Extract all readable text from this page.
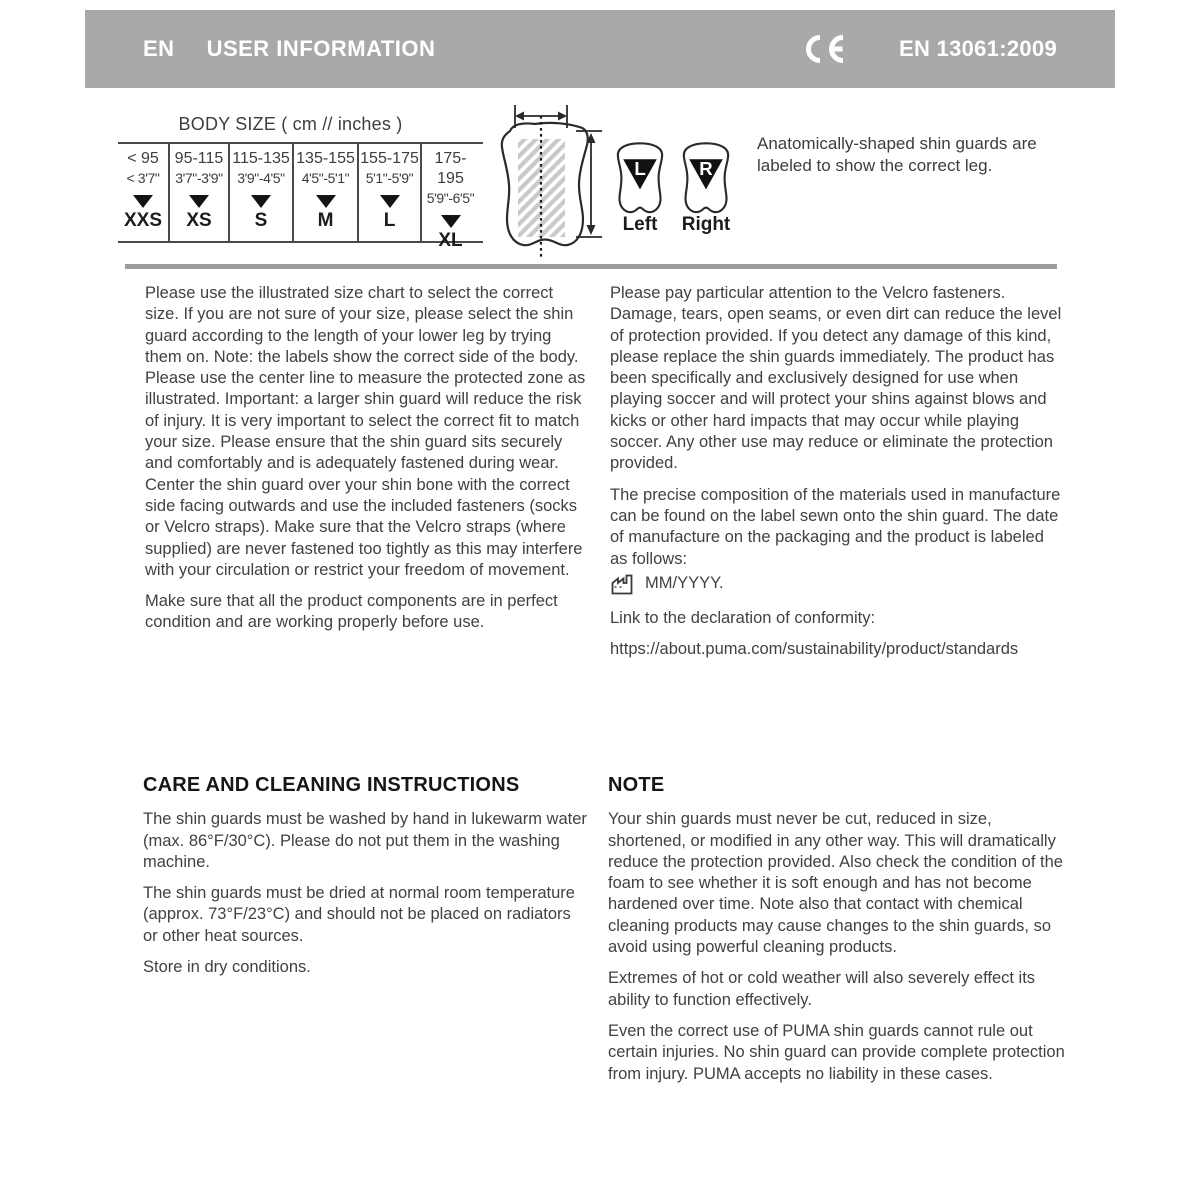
EN USER INFORMATION	EN 13061:2009
BODY SIZE ( cm // inches )
< 95
< 3'7"
XXS
95-115
3'7"-3'9"
XS
115-135
3'9"-4'5"
S
135-155
4'5"-5'1"
M
155-175
5'1"-5'9"
L
175-195
5'9"-6'5"
XL
L	R
Left	Right

Anatomically-shaped shin guards are labeled to show the correct leg.

Please use the illustrated size chart to select the correct size. If you are not sure of your size, please select the shin guard according to the length of your lower leg by trying them on. Note: the labels show the correct side of the body. Please use the center line to measure the protected zone as illustrated. Important: a larger shin guard will reduce the risk of injury. It is very important to select the correct fit to match your size. Please ensure that the shin guard sits securely and comfortably and is adequately fastened during wear. Center the shin guard over your shin bone with the correct side facing outwards and use the included fasteners (socks or Velcro straps). Make sure that the Velcro straps (where supplied) are never fastened too tightly as this may interfere with your circulation or restrict your freedom of movement.

Make sure that all the product components are in perfect condition and are working properly before use.

Please pay particular attention to the Velcro fasteners. Damage, tears, open seams, or even dirt can reduce the level of protection provided. If you detect any damage of this kind, please replace the shin guards immediately. The product has been specifically and exclusively designed for use when playing soccer and will protect your shins against blows and kicks or other hard impacts that may occur while playing soccer. Any other use may reduce or eliminate the protection provided.

The precise composition of the materials used in manufacture can be found on the label sewn onto the shin guard. The date of manufacture on the packaging and the product is labeled as follows:

MM/YYYY.

Link to the declaration of conformity:

https://about.puma.com/sustainability/product/standards

CARE AND CLEANING INSTRUCTIONS

The shin guards must be washed by hand in lukewarm water (max. 86°F/30°C). Please do not put them in the washing machine.

The shin guards must be dried at normal room temperature (approx. 73°F/23°C) and should not be placed on radiators or other heat sources.

Store in dry conditions.

NOTE

Your shin guards must never be cut, reduced in size, shortened, or modified in any other way. This will dramatically reduce the protection provided. Also check the condition of the foam to see whether it is soft enough and has not become hardened over time. Note also that contact with chemical cleaning products may cause changes to the shin guards, so avoid using powerful cleaning products.

Extremes of hot or cold weather will also severely effect its ability to function effectively.

Even the correct use of PUMA shin guards cannot rule out certain injuries. No shin guard can provide complete protection from injury. PUMA accepts no liability in these cases.
